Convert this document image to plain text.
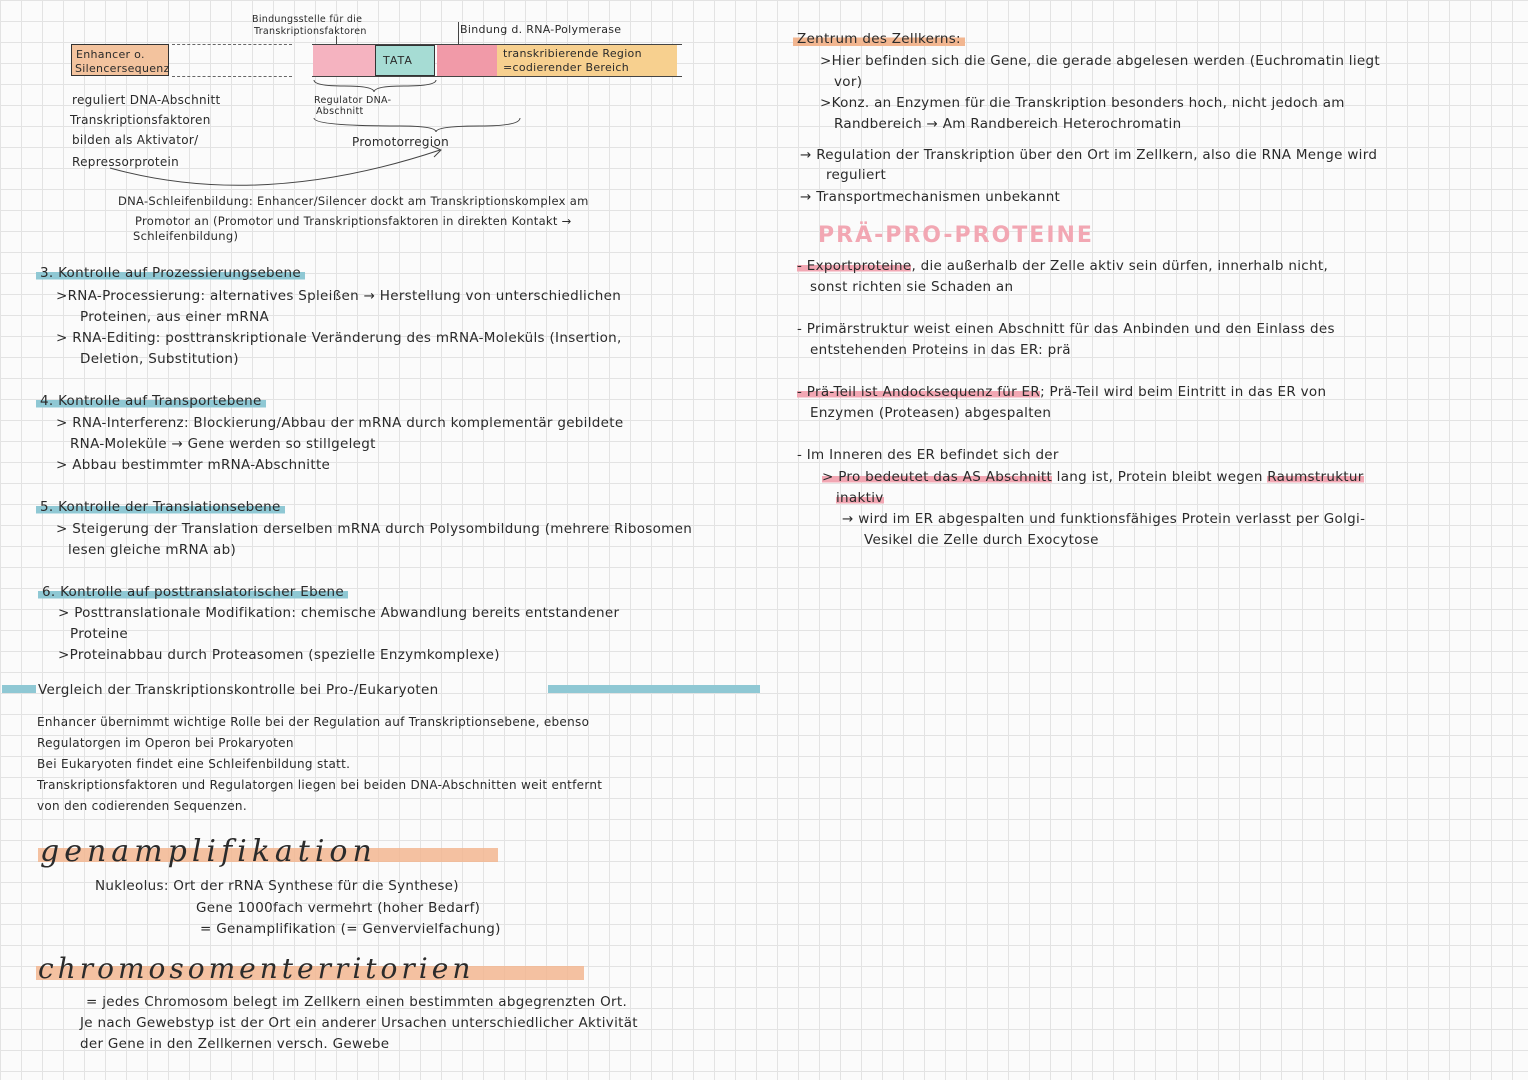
Bindungsstelle für die
Transkriptionsfaktoren	Bindung d. RNA-Polymerase
Enhancer o.
Silencersequenz
TATA
transkribierende Region
=codierender Bereich
reguliert DNA-Abschnitt
Transkriptionsfaktoren
bilden als Aktivator/
Repressorprotein
Regulator DNA-
Abschnitt
Promotorregion
DNA-Schleifenbildung: Enhancer/Silencer dockt am Transkriptionskomplex am
Promotor an (Promotor und Transkriptionsfaktoren in direkten Kontakt →
Schleifenbildung)
3. Kontrolle auf Prozessierungsebene
>RNA-Processierung: alternatives Spleißen → Herstellung von unterschiedlichen
Proteinen, aus einer mRNA
> RNA-Editing: posttranskriptionale Veränderung des mRNA-Moleküls (Insertion,
Deletion, Substitution)
4. Kontrolle auf Transportebene
> RNA-Interferenz: Blockierung/Abbau der mRNA durch komplementär gebildete
RNA-Moleküle → Gene werden so stillgelegt
> Abbau bestimmter mRNA-Abschnitte
5. Kontrolle der Translationsebene
> Steigerung der Translation derselben mRNA durch Polysombildung (mehrere Ribosomen
lesen gleiche mRNA ab)
6. Kontrolle auf posttranslatorischer Ebene
> Posttranslationale Modifikation: chemische Abwandlung bereits entstandener
Proteine
>Proteinabbau durch Proteasomen (spezielle Enzymkomplexe)
Vergleich der Transkriptionskontrolle bei Pro-/Eukaryoten
Enhancer übernimmt wichtige Rolle bei der Regulation auf Transkriptionsebene, ebenso
Regulatorgen im Operon bei Prokaryoten
Bei Eukaryoten findet eine Schleifenbildung statt.
Transkriptionsfaktoren und Regulatorgen liegen bei beiden DNA-Abschnitten weit entfernt
von den codierenden Sequenzen.
genamplifikation
Nukleolus: Ort der rRNA Synthese für die Synthese)
Gene 1000fach vermehrt (hoher Bedarf)
= Genamplifikation (= Genvervielfachung)
chromosomenterritorien
= jedes Chromosom belegt im Zellkern einen bestimmten abgegrenzten Ort.
Je nach Gewebstyp ist der Ort ein anderer Ursachen unterschiedlicher Aktivität
der Gene in den Zellkernen versch. Gewebe
Zentrum des Zellkerns:
>Hier befinden sich die Gene, die gerade abgelesen werden (Euchromatin liegt
vor)
>Konz. an Enzymen für die Transkription besonders hoch, nicht jedoch am
Randbereich → Am Randbereich Heterochromatin
→ Regulation der Transkription über den Ort im Zellkern, also die RNA Menge wird
reguliert
→ Transportmechanismen unbekannt
PRÄ-PRO-PROTEINE
- Exportproteine, die außerhalb der Zelle aktiv sein dürfen, innerhalb nicht,
sonst richten sie Schaden an
- Primärstruktur weist einen Abschnitt für das Anbinden und den Einlass des
entstehenden Proteins in das ER: prä
- Prä-Teil ist Andocksequenz für ER; Prä-Teil wird beim Eintritt in das ER von
Enzymen (Proteasen) abgespalten
- Im Inneren des ER befindet sich der
> Pro bedeutet das AS Abschnitt lang ist, Protein bleibt wegen Raumstruktur
inaktiv
→ wird im ER abgespalten und funktionsfähiges Protein verlasst per Golgi-
Vesikel die Zelle durch Exocytose
